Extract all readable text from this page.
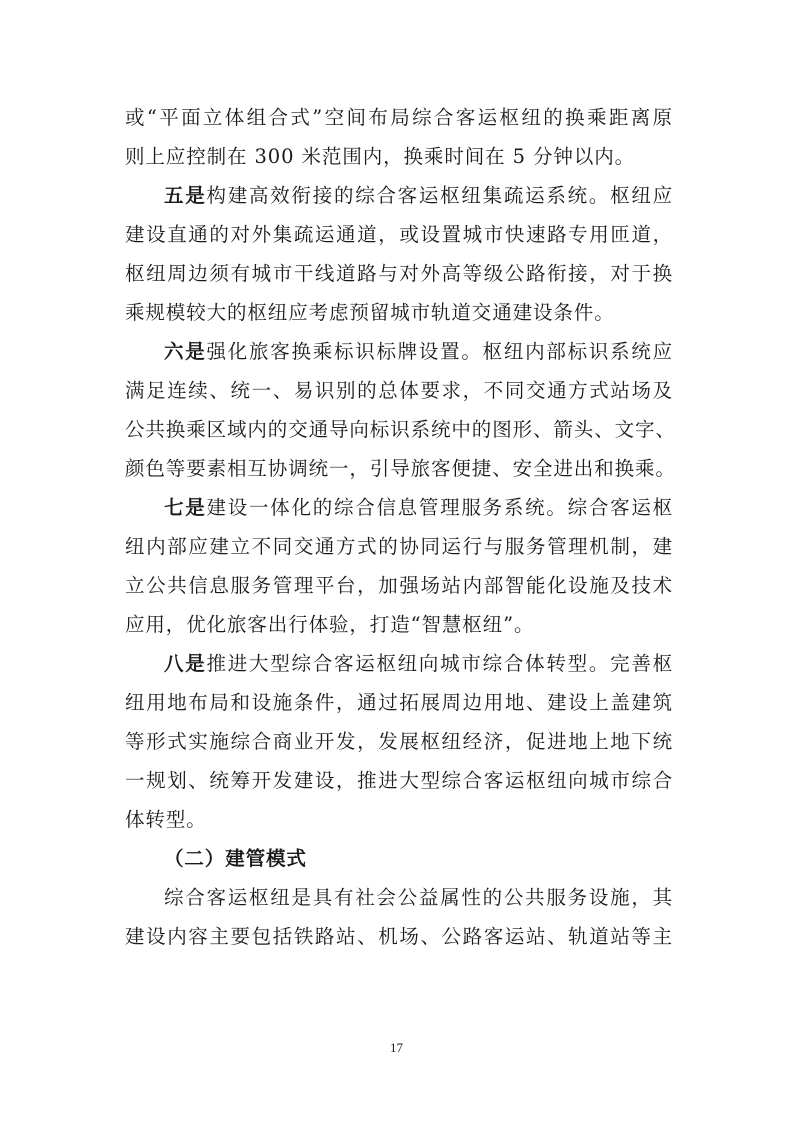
或“平面立体组合式”空间布局综合客运枢纽的换乘距离原
则上应控制在 300 米范围内，换乘时间在 5 分钟以内。
五是构建高效衔接的综合客运枢纽集疏运系统。枢纽应
建设直通的对外集疏运通道，或设置城市快速路专用匝道，
枢纽周边须有城市干线道路与对外高等级公路衔接，对于换
乘规模较大的枢纽应考虑预留城市轨道交通建设条件。
六是强化旅客换乘标识标牌设置。枢纽内部标识系统应
满足连续、统一、易识别的总体要求，不同交通方式站场及
公共换乘区域内的交通导向标识系统中的图形、箭头、文字、
颜色等要素相互协调统一，引导旅客便捷、安全进出和换乘。
七是建设一体化的综合信息管理服务系统。综合客运枢
纽内部应建立不同交通方式的协同运行与服务管理机制，建
立公共信息服务管理平台，加强场站内部智能化设施及技术
应用，优化旅客出行体验，打造“智慧枢纽”。
八是推进大型综合客运枢纽向城市综合体转型。完善枢
纽用地布局和设施条件，通过拓展周边用地、建设上盖建筑
等形式实施综合商业开发，发展枢纽经济，促进地上地下统
一规划、统筹开发建设，推进大型综合客运枢纽向城市综合
体转型。
（二）建管模式
综合客运枢纽是具有社会公益属性的公共服务设施，其
建设内容主要包括铁路站、机场、公路客运站、轨道站等主
17
